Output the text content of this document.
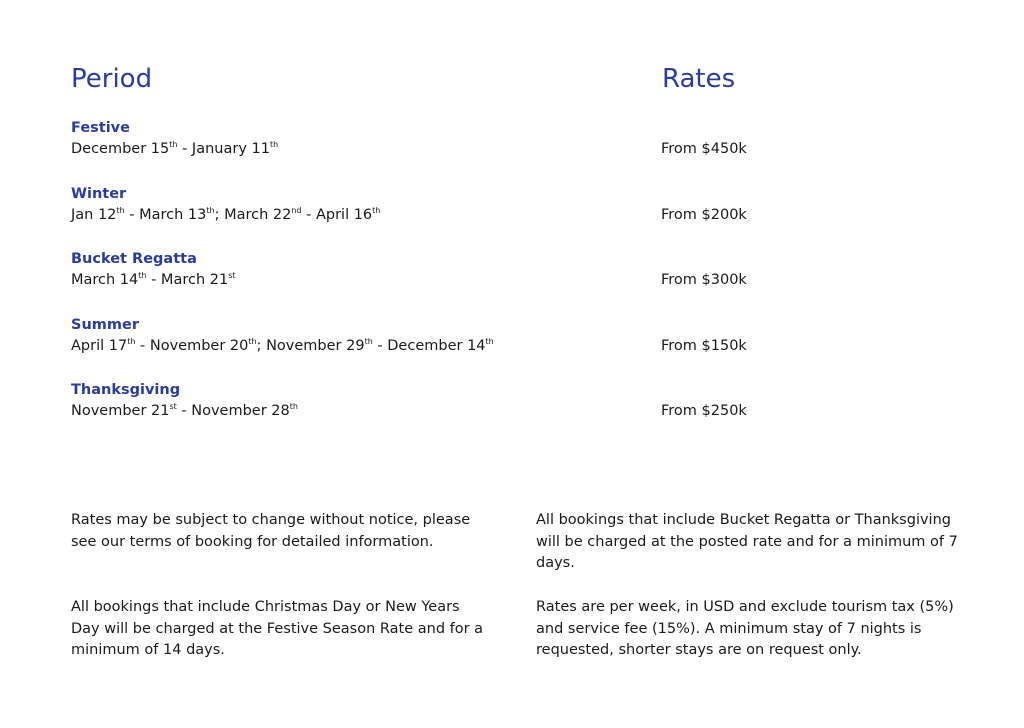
Period	Rates
Festive
December 15th - January 11th	From $450k
Winter
Jan 12th - March 13th; March 22nd - April 16th	From $200k
Bucket Regatta
March 14th - March 21st	From $300k
Summer
April 17th - November 20th; November 29th - December 14th	From $150k
Thanksgiving
November 21st - November 28th	From $250k

Rates may be subject to change without notice, please see our terms of booking for detailed information.

All bookings that include Christmas Day or New Years Day will be charged at the Festive Season Rate and for a minimum of 14 days.

All bookings that include Bucket Regatta or Thanksgiving will be charged at the posted rate and for a minimum of 7 days.

Rates are per week, in USD and exclude tourism tax (5%) and service fee (15%). A minimum stay of 7 nights is requested, shorter stays are on request only.
